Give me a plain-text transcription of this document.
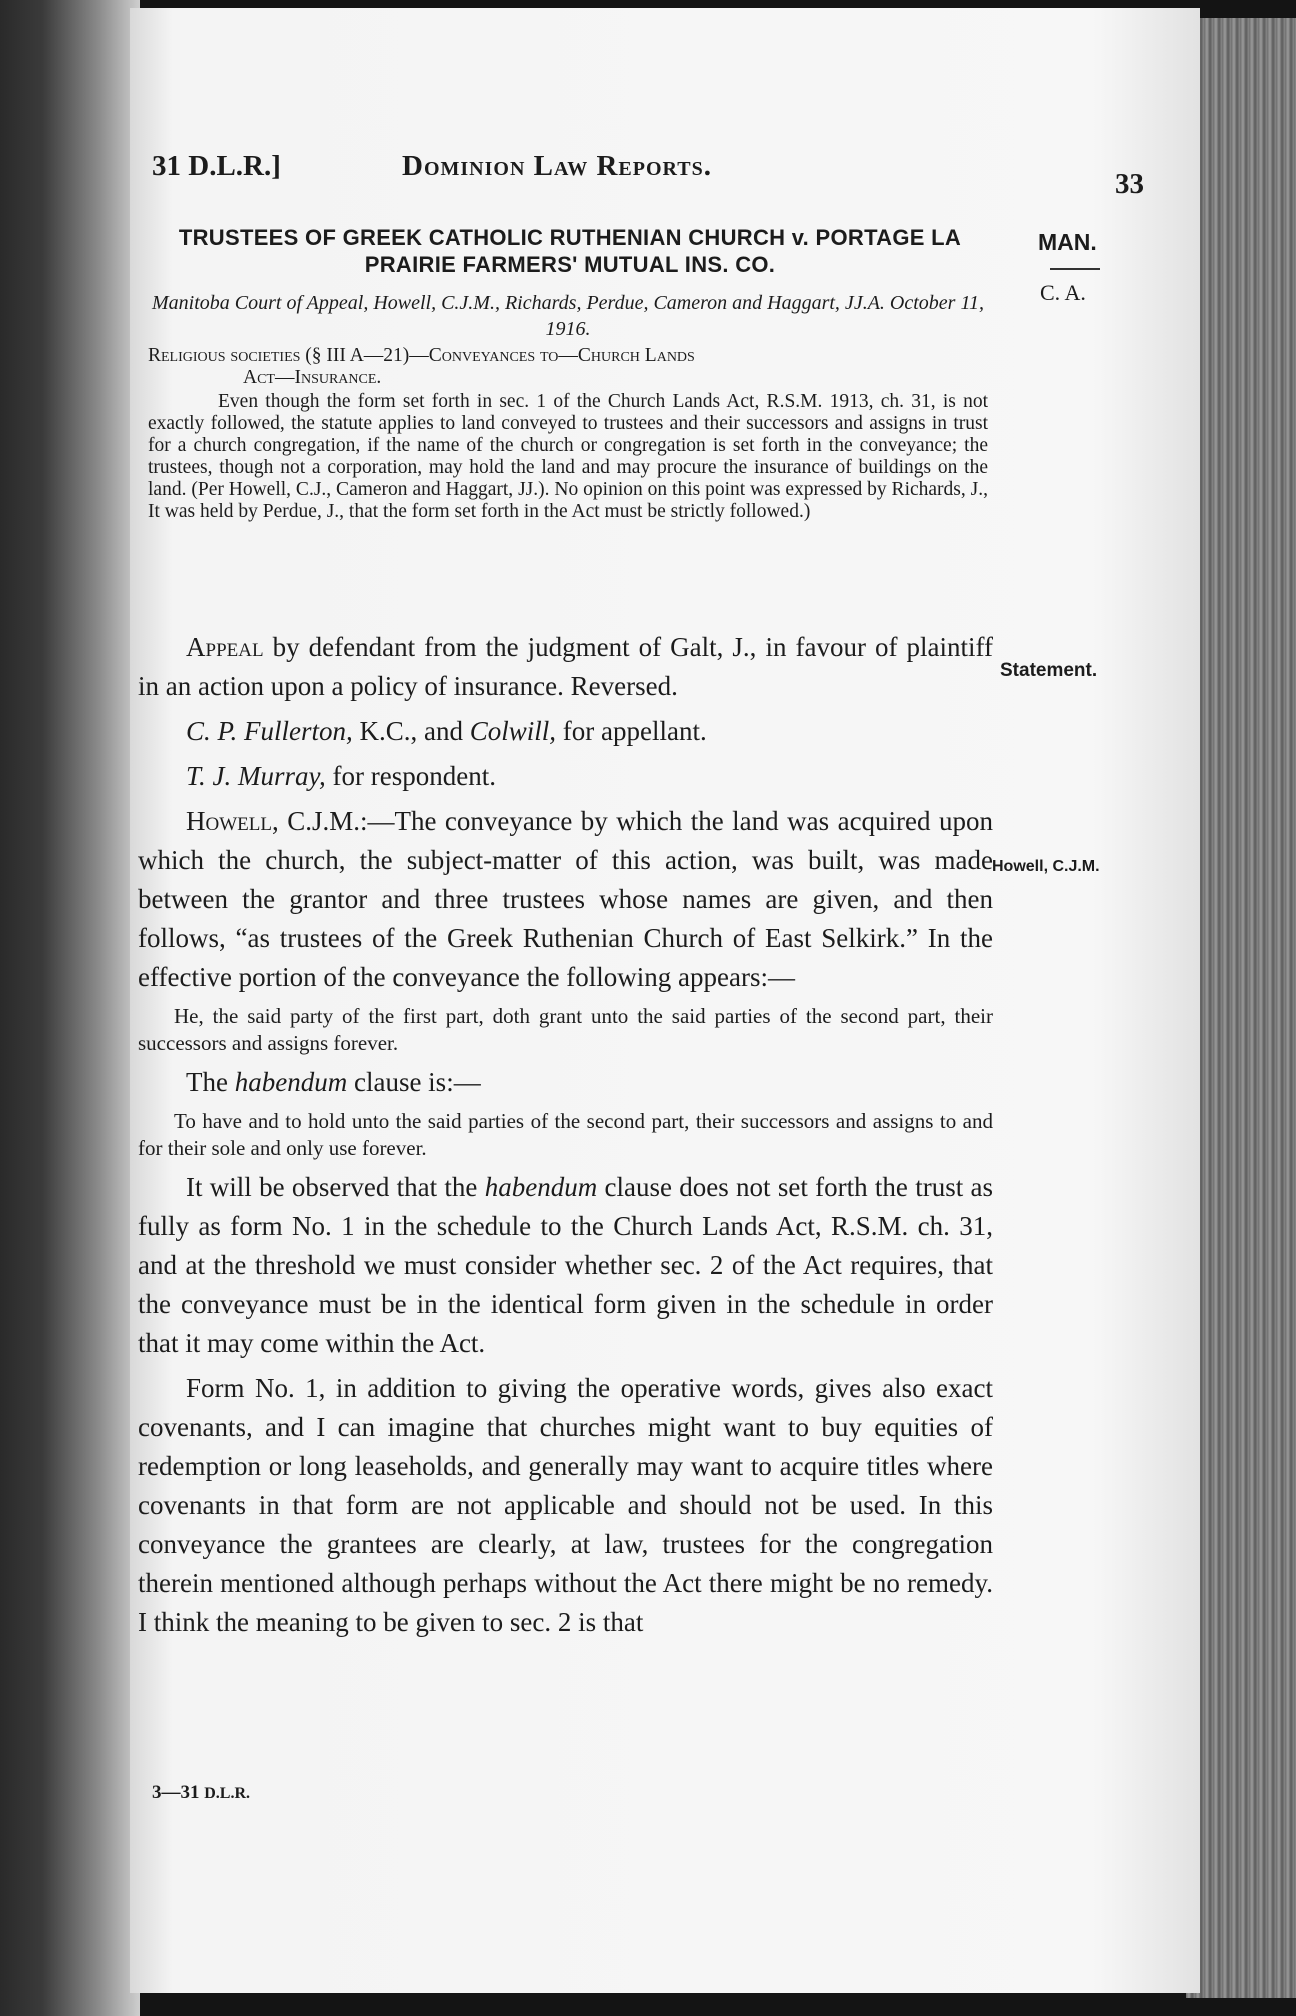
31 D.L.R.]	Dominion Law Reports.
33
TRUSTEES OF GREEK CATHOLIC RUTHENIAN CHURCH v. PORTAGE LA PRAIRIE FARMERS' MUTUAL INS. CO.
MAN.
C. A.
Manitoba Court of Appeal, Howell, C.J.M., Richards, Perdue, Cameron and Haggart, JJ.A. October 11, 1916.
Religious societies (§ III A—21)—Conveyances to—Church Lands
Act—Insurance.
Even though the form set forth in sec. 1 of the Church Lands Act, R.S.M. 1913, ch. 31, is not exactly followed, the statute applies to land conveyed to trustees and their successors and assigns in trust for a church congregation, if the name of the church or congregation is set forth in the conveyance; the trustees, though not a corporation, may hold the land and may procure the insurance of buildings on the land. (Per Howell, C.J., Cameron and Haggart, JJ.). No opinion on this point was expressed by Richards, J., It was held by Perdue, J., that the form set forth in the Act must be strictly followed.)
Statement.
Howell, C.J.M.

Appeal by defendant from the judgment of Galt, J., in favour of plaintiff in an action upon a policy of insurance. Reversed.

C. P. Fullerton, K.C., and Colwill, for appellant.

T. J. Murray, for respondent.

Howell, C.J.M.:—The conveyance by which the land was acquired upon which the church, the subject-matter of this action, was built, was made between the grantor and three trustees whose names are given, and then follows, “as trustees of the Greek Ruthenian Church of East Selkirk.” In the effective portion of the conveyance the following appears:—

He, the said party of the first part, doth grant unto the said parties of the second part, their successors and assigns forever.

The habendum clause is:—

To have and to hold unto the said parties of the second part, their successors and assigns to and for their sole and only use forever.

It will be observed that the habendum clause does not set forth the trust as fully as form No. 1 in the schedule to the Church Lands Act, R.S.M. ch. 31, and at the threshold we must consider whether sec. 2 of the Act requires, that the conveyance must be in the identical form given in the schedule in order that it may come within the Act.

Form No. 1, in addition to giving the operative words, gives also exact covenants, and I can imagine that churches might want to buy equities of redemption or long leaseholds, and generally may want to acquire titles where covenants in that form are not applicable and should not be used. In this conveyance the grantees are clearly, at law, trustees for the congregation therein mentioned although perhaps without the Act there might be no remedy. I think the meaning to be given to sec. 2 is that

3—31 D.L.R.
